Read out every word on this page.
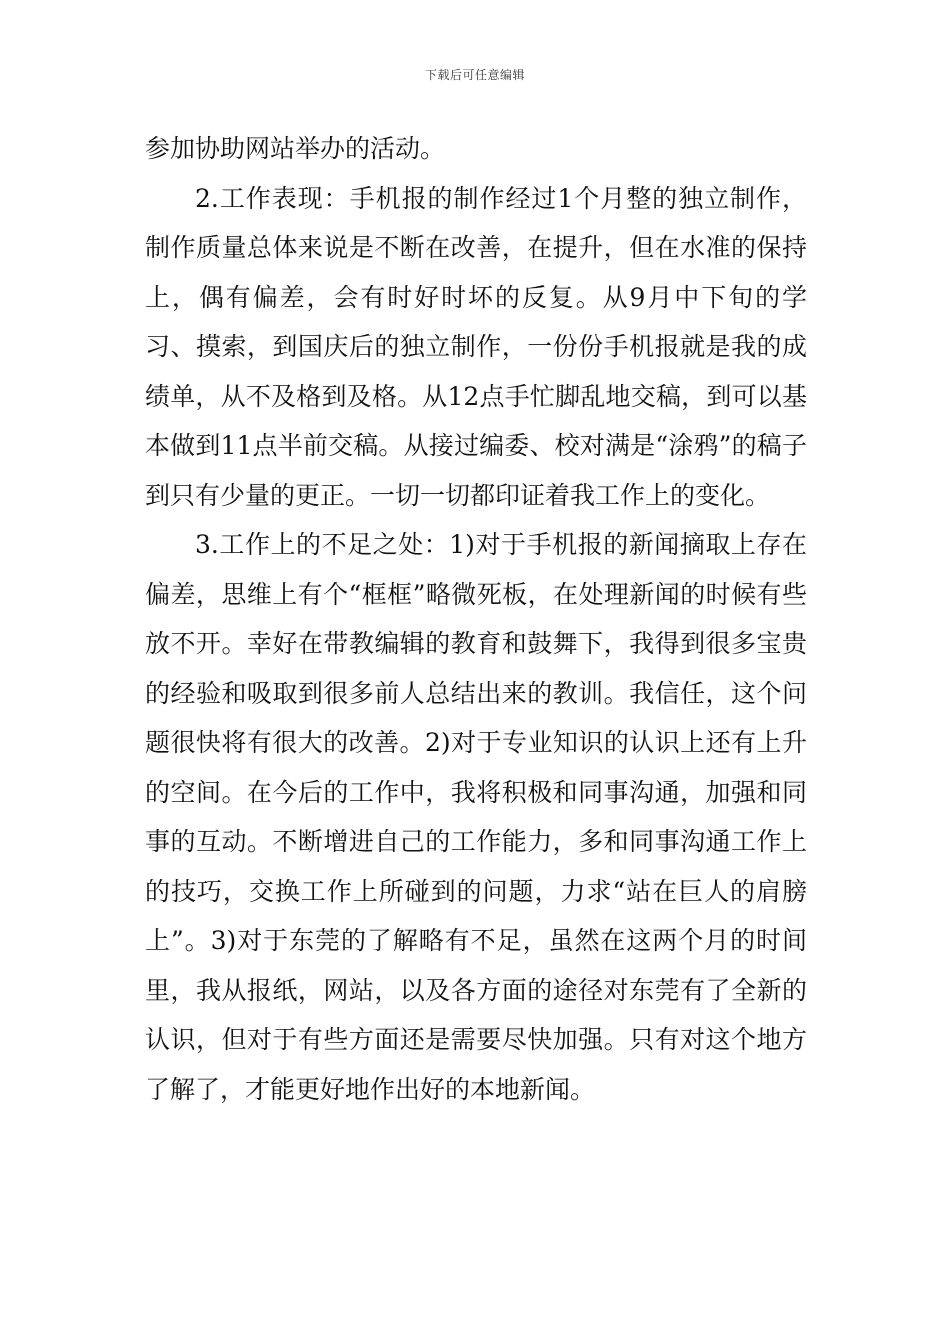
下载后可任意编辑

参加协助网站举办的活动。

2.工作表现：手机报的制作经过1个月整的独立制作，制作质量总体来说是不断在改善，在提升，但在水准的保持上，偶有偏差，会有时好时坏的反复。从9月中下旬的学习、摸索，到国庆后的独立制作，一份份手机报就是我的成绩单，从不及格到及格。从12点手忙脚乱地交稿，到可以基本做到11点半前交稿。从接过编委、校对满是“涂鸦”的稿子到只有少量的更正。一切一切都印证着我工作上的变化。

3.工作上的不足之处：1)对于手机报的新闻摘取上存在偏差，思维上有个“框框”略微死板，在处理新闻的时候有些放不开。幸好在带教编辑的教育和鼓舞下，我得到很多宝贵的经验和吸取到很多前人总结出来的教训。我信任，这个问题很快将有很大的改善。2)对于专业知识的认识上还有上升的空间。在今后的工作中，我将积极和同事沟通，加强和同事的互动。不断增进自己的工作能力，多和同事沟通工作上的技巧，交换工作上所碰到的问题，力求“站在巨人的肩膀上”。3)对于东莞的了解略有不足，虽然在这两个月的时间里，我从报纸，网站，以及各方面的途径对东莞有了全新的认识，但对于有些方面还是需要尽快加强。只有对这个地方了解了，才能更好地作出好的本地新闻。
